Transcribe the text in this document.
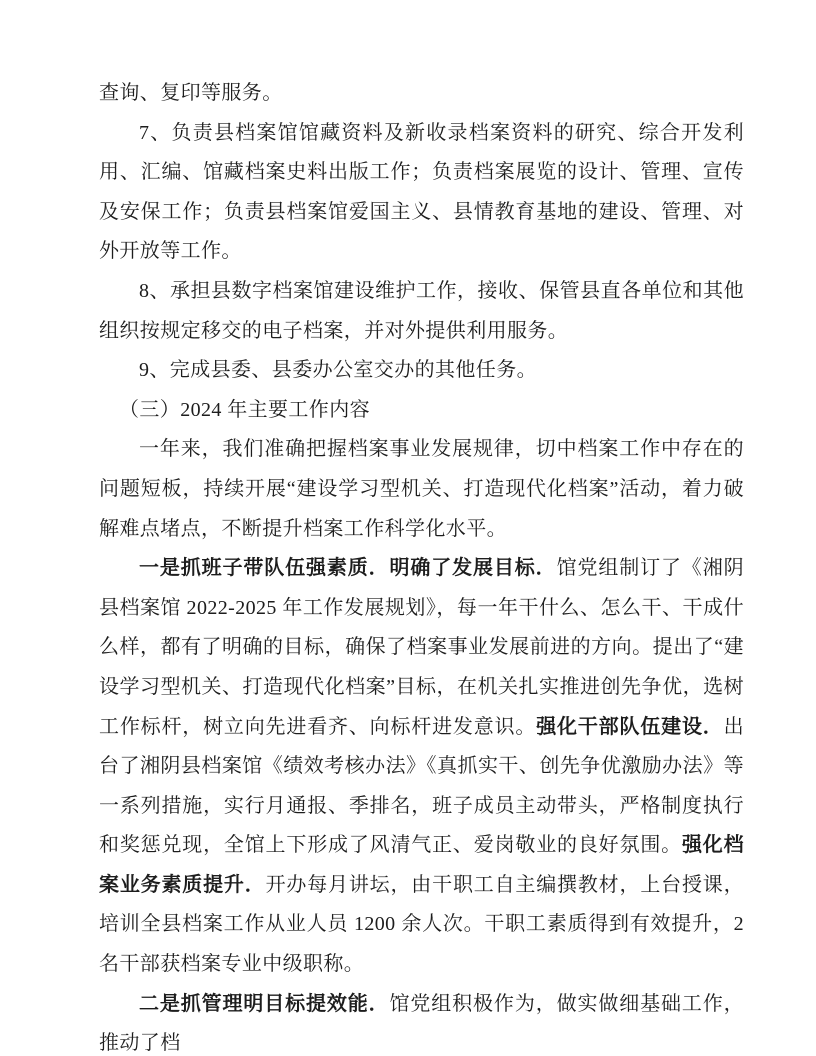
查询、复印等服务。

7、负责县档案馆馆藏资料及新收录档案资料的研究、综合开发利用、汇编、馆藏档案史料出版工作；负责档案展览的设计、管理、宣传及安保工作；负责县档案馆爱国主义、县情教育基地的建设、管理、对外开放等工作。

8、承担县数字档案馆建设维护工作，接收、保管县直各单位和其他组织按规定移交的电子档案，并对外提供利用服务。

9、完成县委、县委办公室交办的其他任务。

（三）2024 年主要工作内容

一年来，我们准确把握档案事业发展规律，切中档案工作中存在的问题短板，持续开展“建设学习型机关、打造现代化档案”活动，着力破解难点堵点，不断提升档案工作科学化水平。

一是抓班子带队伍强素质．明确了发展目标．馆党组制订了《湘阴县档案馆 2022-2025 年工作发展规划》，每一年干什么、怎么干、干成什么样，都有了明确的目标，确保了档案事业发展前进的方向。提出了“建设学习型机关、打造现代化档案”目标，在机关扎实推进创先争优，选树工作标杆，树立向先进看齐、向标杆进发意识。强化干部队伍建设．出台了湘阴县档案馆《绩效考核办法》《真抓实干、创先争优激励办法》等一系列措施，实行月通报、季排名，班子成员主动带头，严格制度执行和奖惩兑现，全馆上下形成了风清气正、爱岗敬业的良好氛围。强化档案业务素质提升．开办每月讲坛，由干职工自主编撰教材，上台授课，培训全县档案工作从业人员 1200 余人次。干职工素质得到有效提升，2 名干部获档案专业中级职称。

二是抓管理明目标提效能．馆党组积极作为，做实做细基础工作，推动了档
